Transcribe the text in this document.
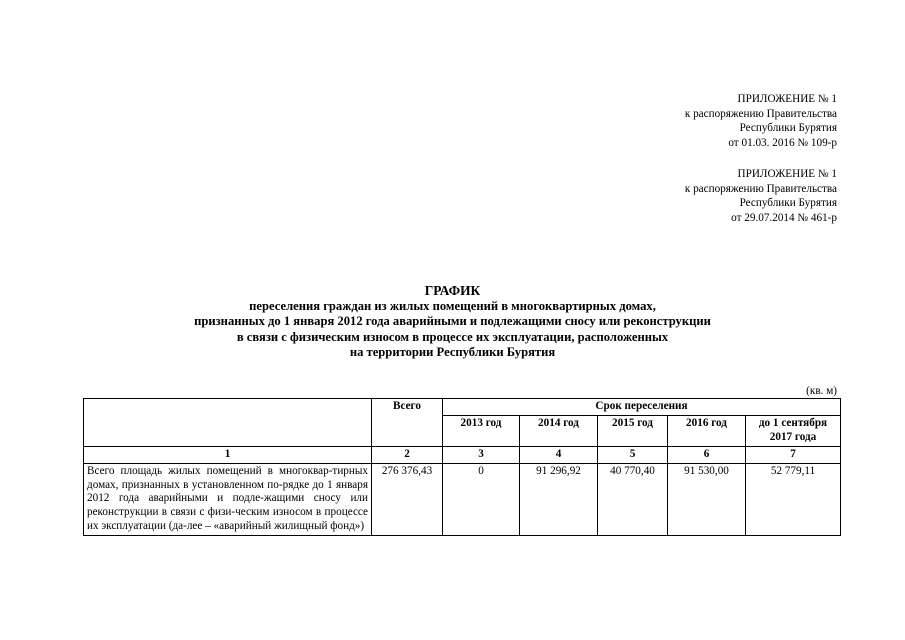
ПРИЛОЖЕНИЕ № 1
к распоряжению Правительства
Республики Бурятия
от 01.03. 2016 № 109-р
ПРИЛОЖЕНИЕ № 1
к распоряжению Правительства
Республики Бурятия
от 29.07.2014 № 461-р
ГРАФИК
переселения граждан из жилых помещений в многоквартирных домах,
признанных до 1 января 2012 года аварийными и подлежащими сносу или реконструкции
в связи с физическим износом в процессе их эксплуатации, расположенных
на территории Республики Бурятия
(кв. м)
	Всего	Срок переселения				
		2013 год	2014 год	2015 год	2016 год	до 1 сентября 2017 года
1	2	3	4	5	6	7
Всего площадь жилых помещений в многоквар-тирных домах, признанных в установленном по-рядке до 1 января 2012 года аварийными и подле-жащими сносу или реконструкции в связи с физи-ческим износом в процессе их эксплуатации (да-лее – «аварийный жилищный фонд»)	276 376,43	0	91 296,92	40 770,40	91 530,00	52 779,11
